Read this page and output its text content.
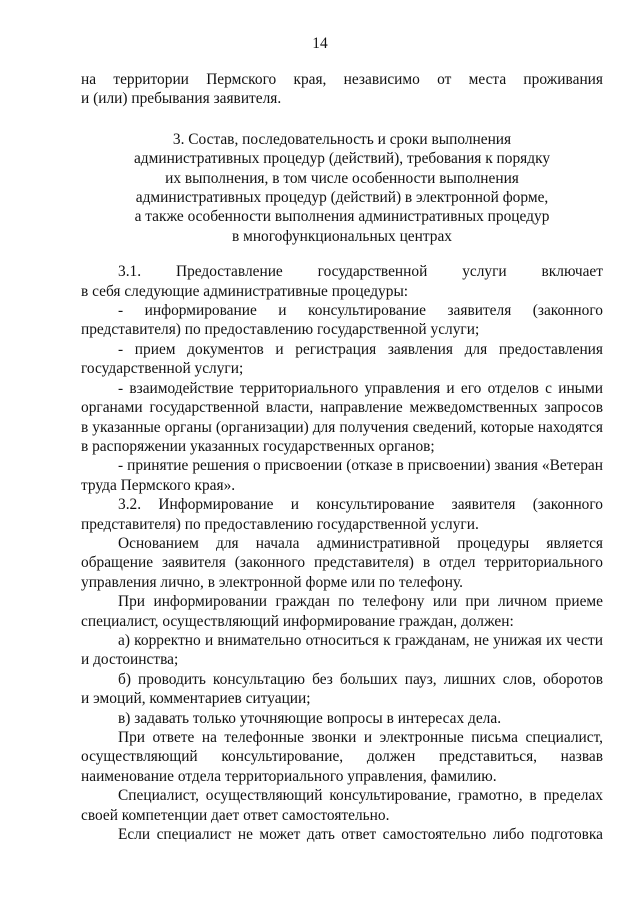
14
на территории Пермского края, независимо от места проживания
и (или) пребывания заявителя.
3. Состав, последовательность и сроки выполнения
административных процедур (действий), требования к порядку
их выполнения, в том числе особенности выполнения
административных процедур (действий) в электронной форме,
а также особенности выполнения административных процедур
в многофункциональных центрах
3.1. Предоставление государственной услуги включает
в себя следующие административные процедуры:
- информирование и консультирование заявителя (законного
представителя) по предоставлению государственной услуги;
- прием документов и регистрация заявления для предоставления
государственной услуги;
- взаимодействие территориального управления и его отделов с иными
органами государственной власти, направление межведомственных запросов
в указанные органы (организации) для получения сведений, которые находятся
в распоряжении указанных государственных органов;
- принятие решения о присвоении (отказе в присвоении) звания «Ветеран
труда Пермского края».
3.2. Информирование и консультирование заявителя (законного
представителя) по предоставлению государственной услуги.
Основанием для начала административной процедуры является
обращение заявителя (законного представителя) в отдел территориального
управления лично, в электронной форме или по телефону.
При информировании граждан по телефону или при личном приеме
специалист, осуществляющий информирование граждан, должен:
а) корректно и внимательно относиться к гражданам, не унижая их чести
и достоинства;
б) проводить консультацию без больших пауз, лишних слов, оборотов
и эмоций, комментариев ситуации;
в) задавать только уточняющие вопросы в интересах дела.
При ответе на телефонные звонки и электронные письма специалист,
осуществляющий консультирование, должен представиться, назвав
наименование отдела территориального управления, фамилию.
Специалист, осуществляющий консультирование, грамотно, в пределах
своей компетенции дает ответ самостоятельно.
Если специалист не может дать ответ самостоятельно либо подготовка
